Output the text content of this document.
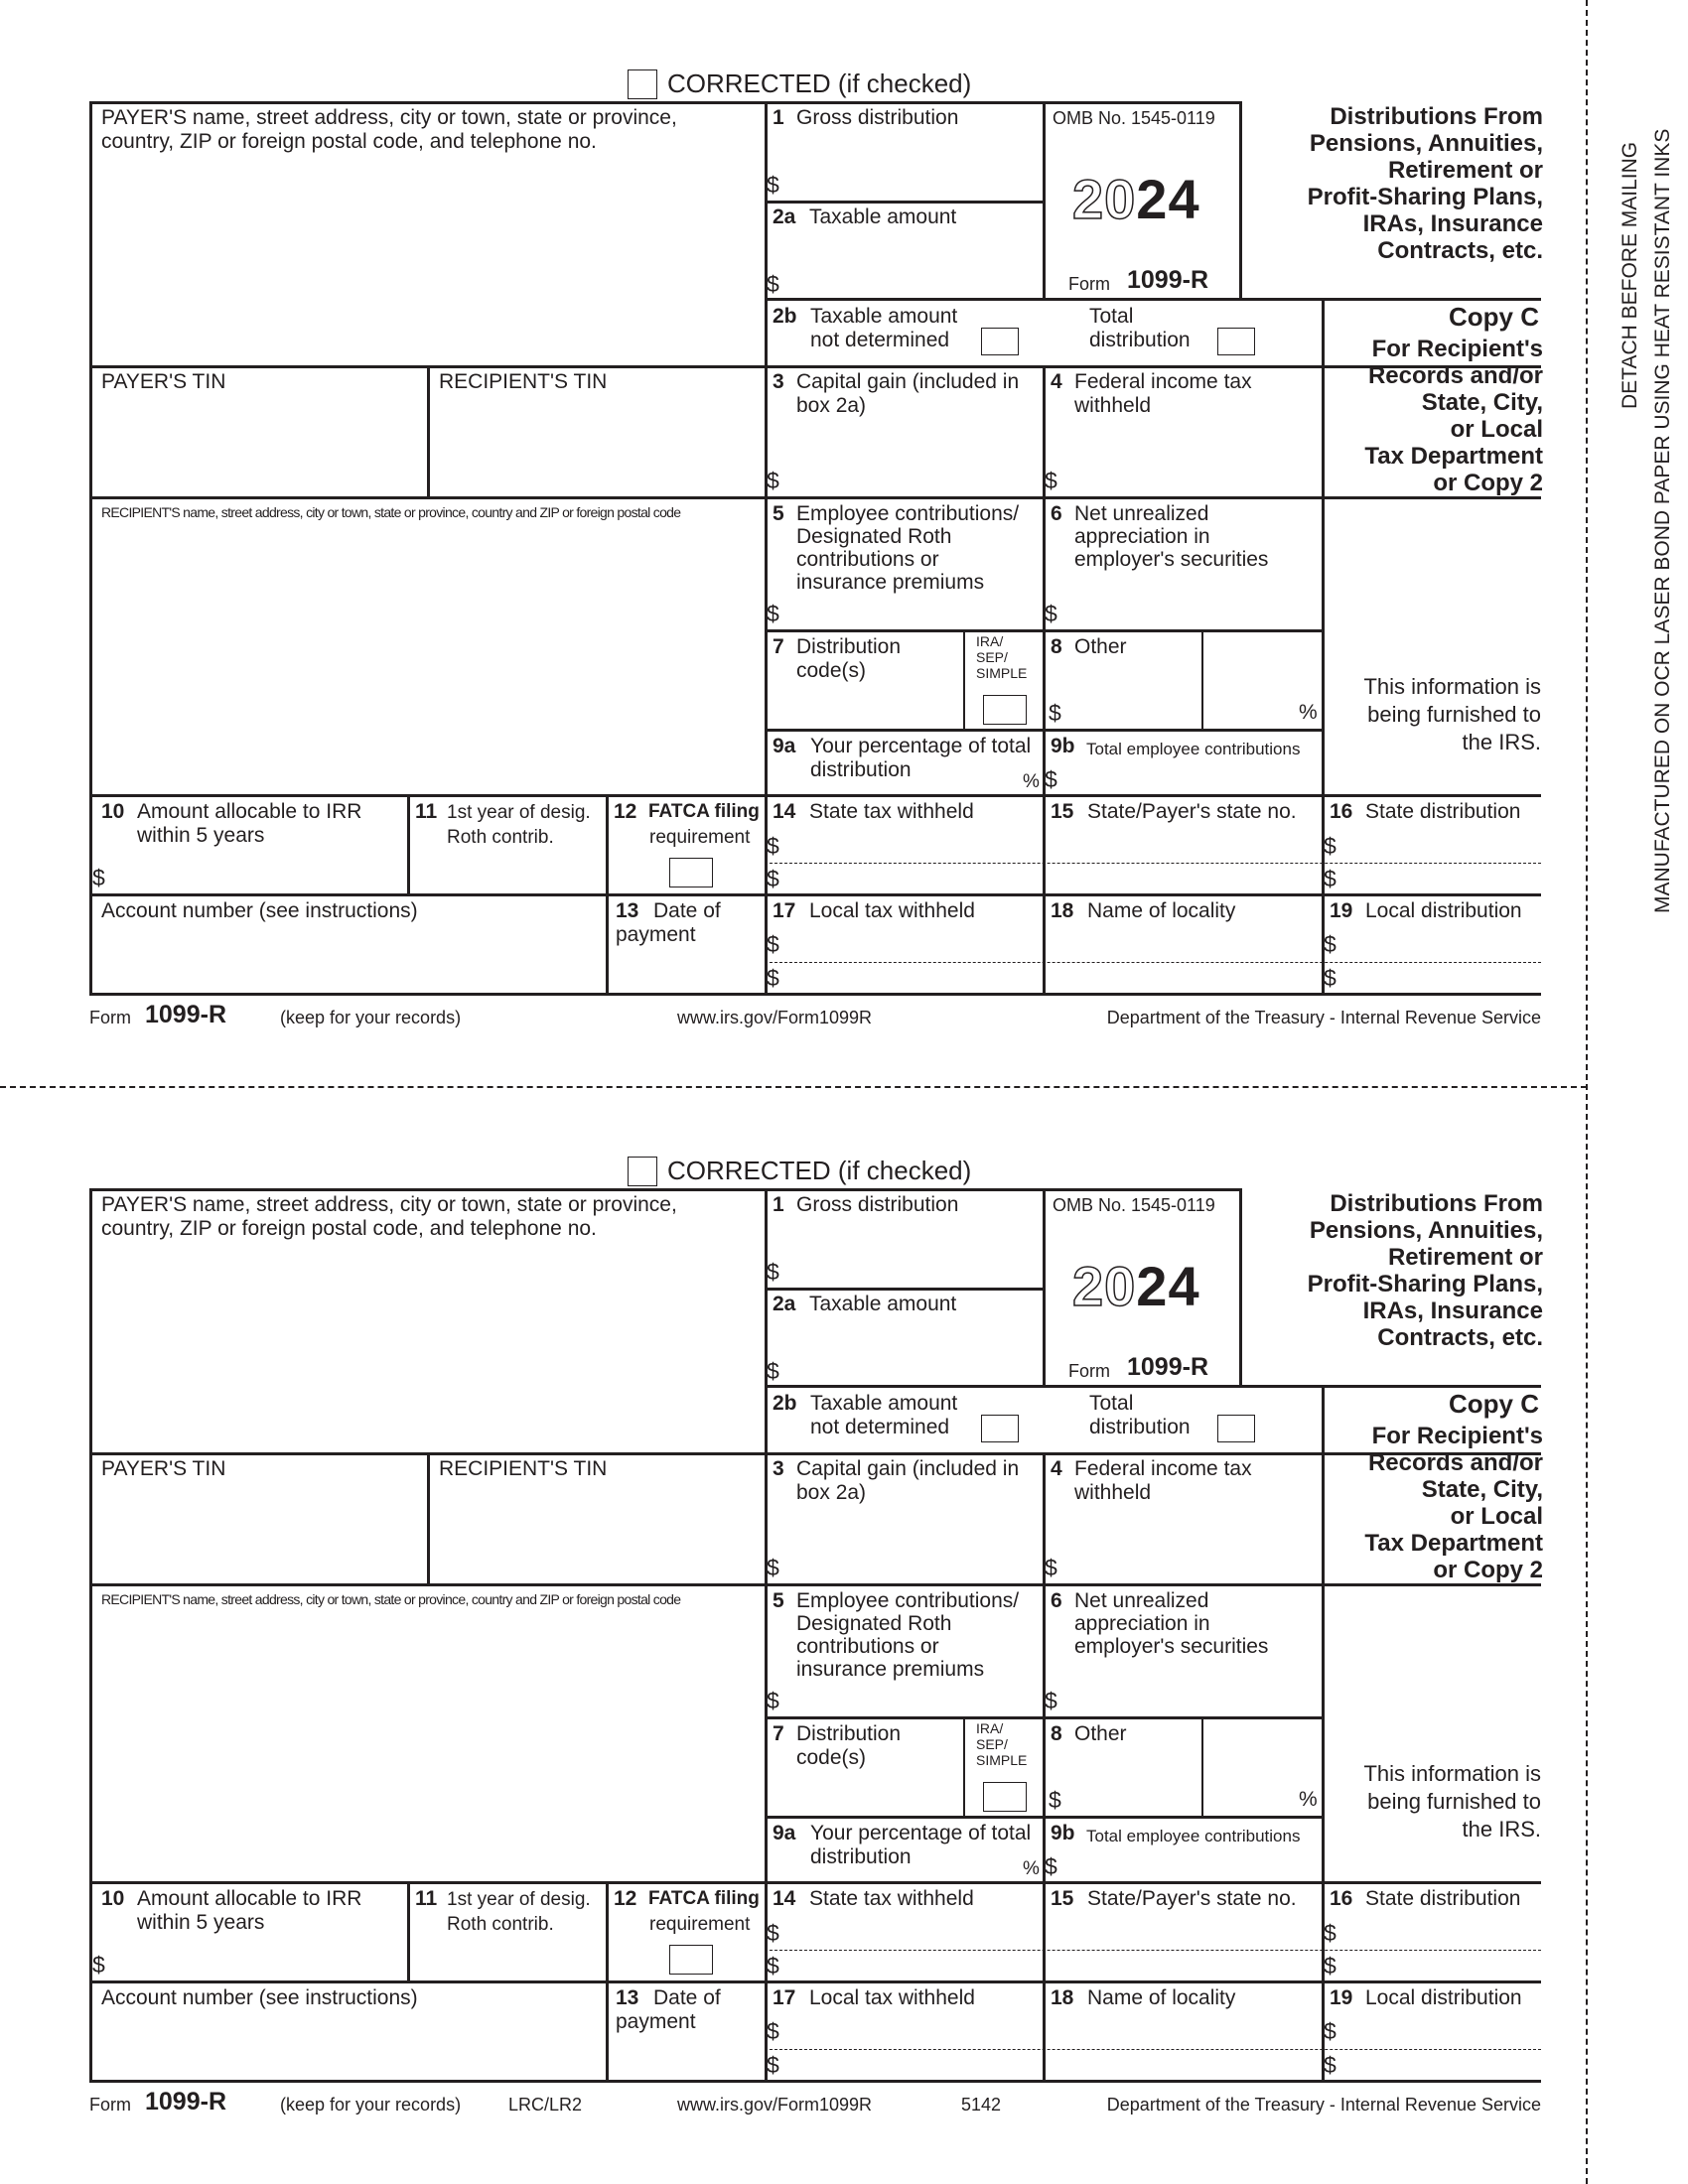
DETACH BEFORE MAILING MANUFACTURED ON OCR LASER BOND PAPER USING HEAT RESISTANT INKS
CORRECTED (if checked)
PAYER'S name, street address, city or town, state or province,
country, ZIP or foreign postal code, and telephone no.
1 Gross distribution
$
2a Taxable amount
$
OMB No. 1545-0119
2024
Form 1099-R
Distributions From
Pensions, Annuities,
Retirement or
Profit-Sharing Plans,
IRAs, Insurance
Contracts, etc.
2b Taxable amount
not determined
Total
distribution
Copy C
For Recipient's
Records and/or
State, City,
or Local
Tax Department
or Copy 2
PAYER'S TIN	RECIPIENT'S TIN	3 Capital gain (included in
box 2a)
$
4 Federal income tax
withheld
$
RECIPIENT'S name, street address, city or town, state or province, country and ZIP or foreign postal code	5 Employee contributions/
Designated Roth
contributions or
insurance premiums
$
6 Net unrealized
appreciation in
employer's securities
$
7 Distribution
code(s)
IRA/
SEP/
SIMPLE
8 Other
$	%
9a Your percentage of total
distribution
%
9b Total employee contributions
$
This information is
being furnished to
the IRS.
10 Amount allocable to IRR
within 5 years
$
11 1st year of desig.
Roth contrib.
12 FATCA filing
requirement
14 State tax withheld
$
$
15 State/Payer's state no. 16 State distribution
$
$
Account number (see instructions)	13 Date of
payment
17 Local tax withheld
$
$
18 Name of locality	19 Local distribution
$
$
Form 1099-R	(keep for your records)	www.irs.gov/Form1099R	Department of the Treasury - Internal Revenue Service
CORRECTED (if checked)
PAYER'S name, street address, city or town, state or province,
country, ZIP or foreign postal code, and telephone no.
1 Gross distribution
$
2a Taxable amount
$
OMB No. 1545-0119
2024
Form 1099-R
Distributions From
Pensions, Annuities,
Retirement or
Profit-Sharing Plans,
IRAs, Insurance
Contracts, etc.
2b Taxable amount
not determined
Total
distribution
Copy C
For Recipient's
Records and/or
State, City,
or Local
Tax Department
or Copy 2
PAYER'S TIN	RECIPIENT'S TIN	3 Capital gain (included in
box 2a)
$
4 Federal income tax
withheld
$
RECIPIENT'S name, street address, city or town, state or province, country and ZIP or foreign postal code	5 Employee contributions/
Designated Roth
contributions or
insurance premiums
$
6 Net unrealized
appreciation in
employer's securities
$
7 Distribution
code(s)
IRA/
SEP/
SIMPLE
8 Other
$	%
9a Your percentage of total
distribution
%
9b Total employee contributions
$
This information is
being furnished to
the IRS.
10 Amount allocable to IRR
within 5 years
$
11 1st year of desig.
Roth contrib.
12 FATCA filing
requirement
14 State tax withheld
$
$
15 State/Payer's state no. 16 State distribution
$
$
Account number (see instructions)	13 Date of
payment
17 Local tax withheld
$
$
18 Name of locality	19 Local distribution
$
$
Form 1099-R	(keep for your records)	www.irs.gov/Form1099R	Department of the Treasury - Internal Revenue Service
LRC/LR2	5142
